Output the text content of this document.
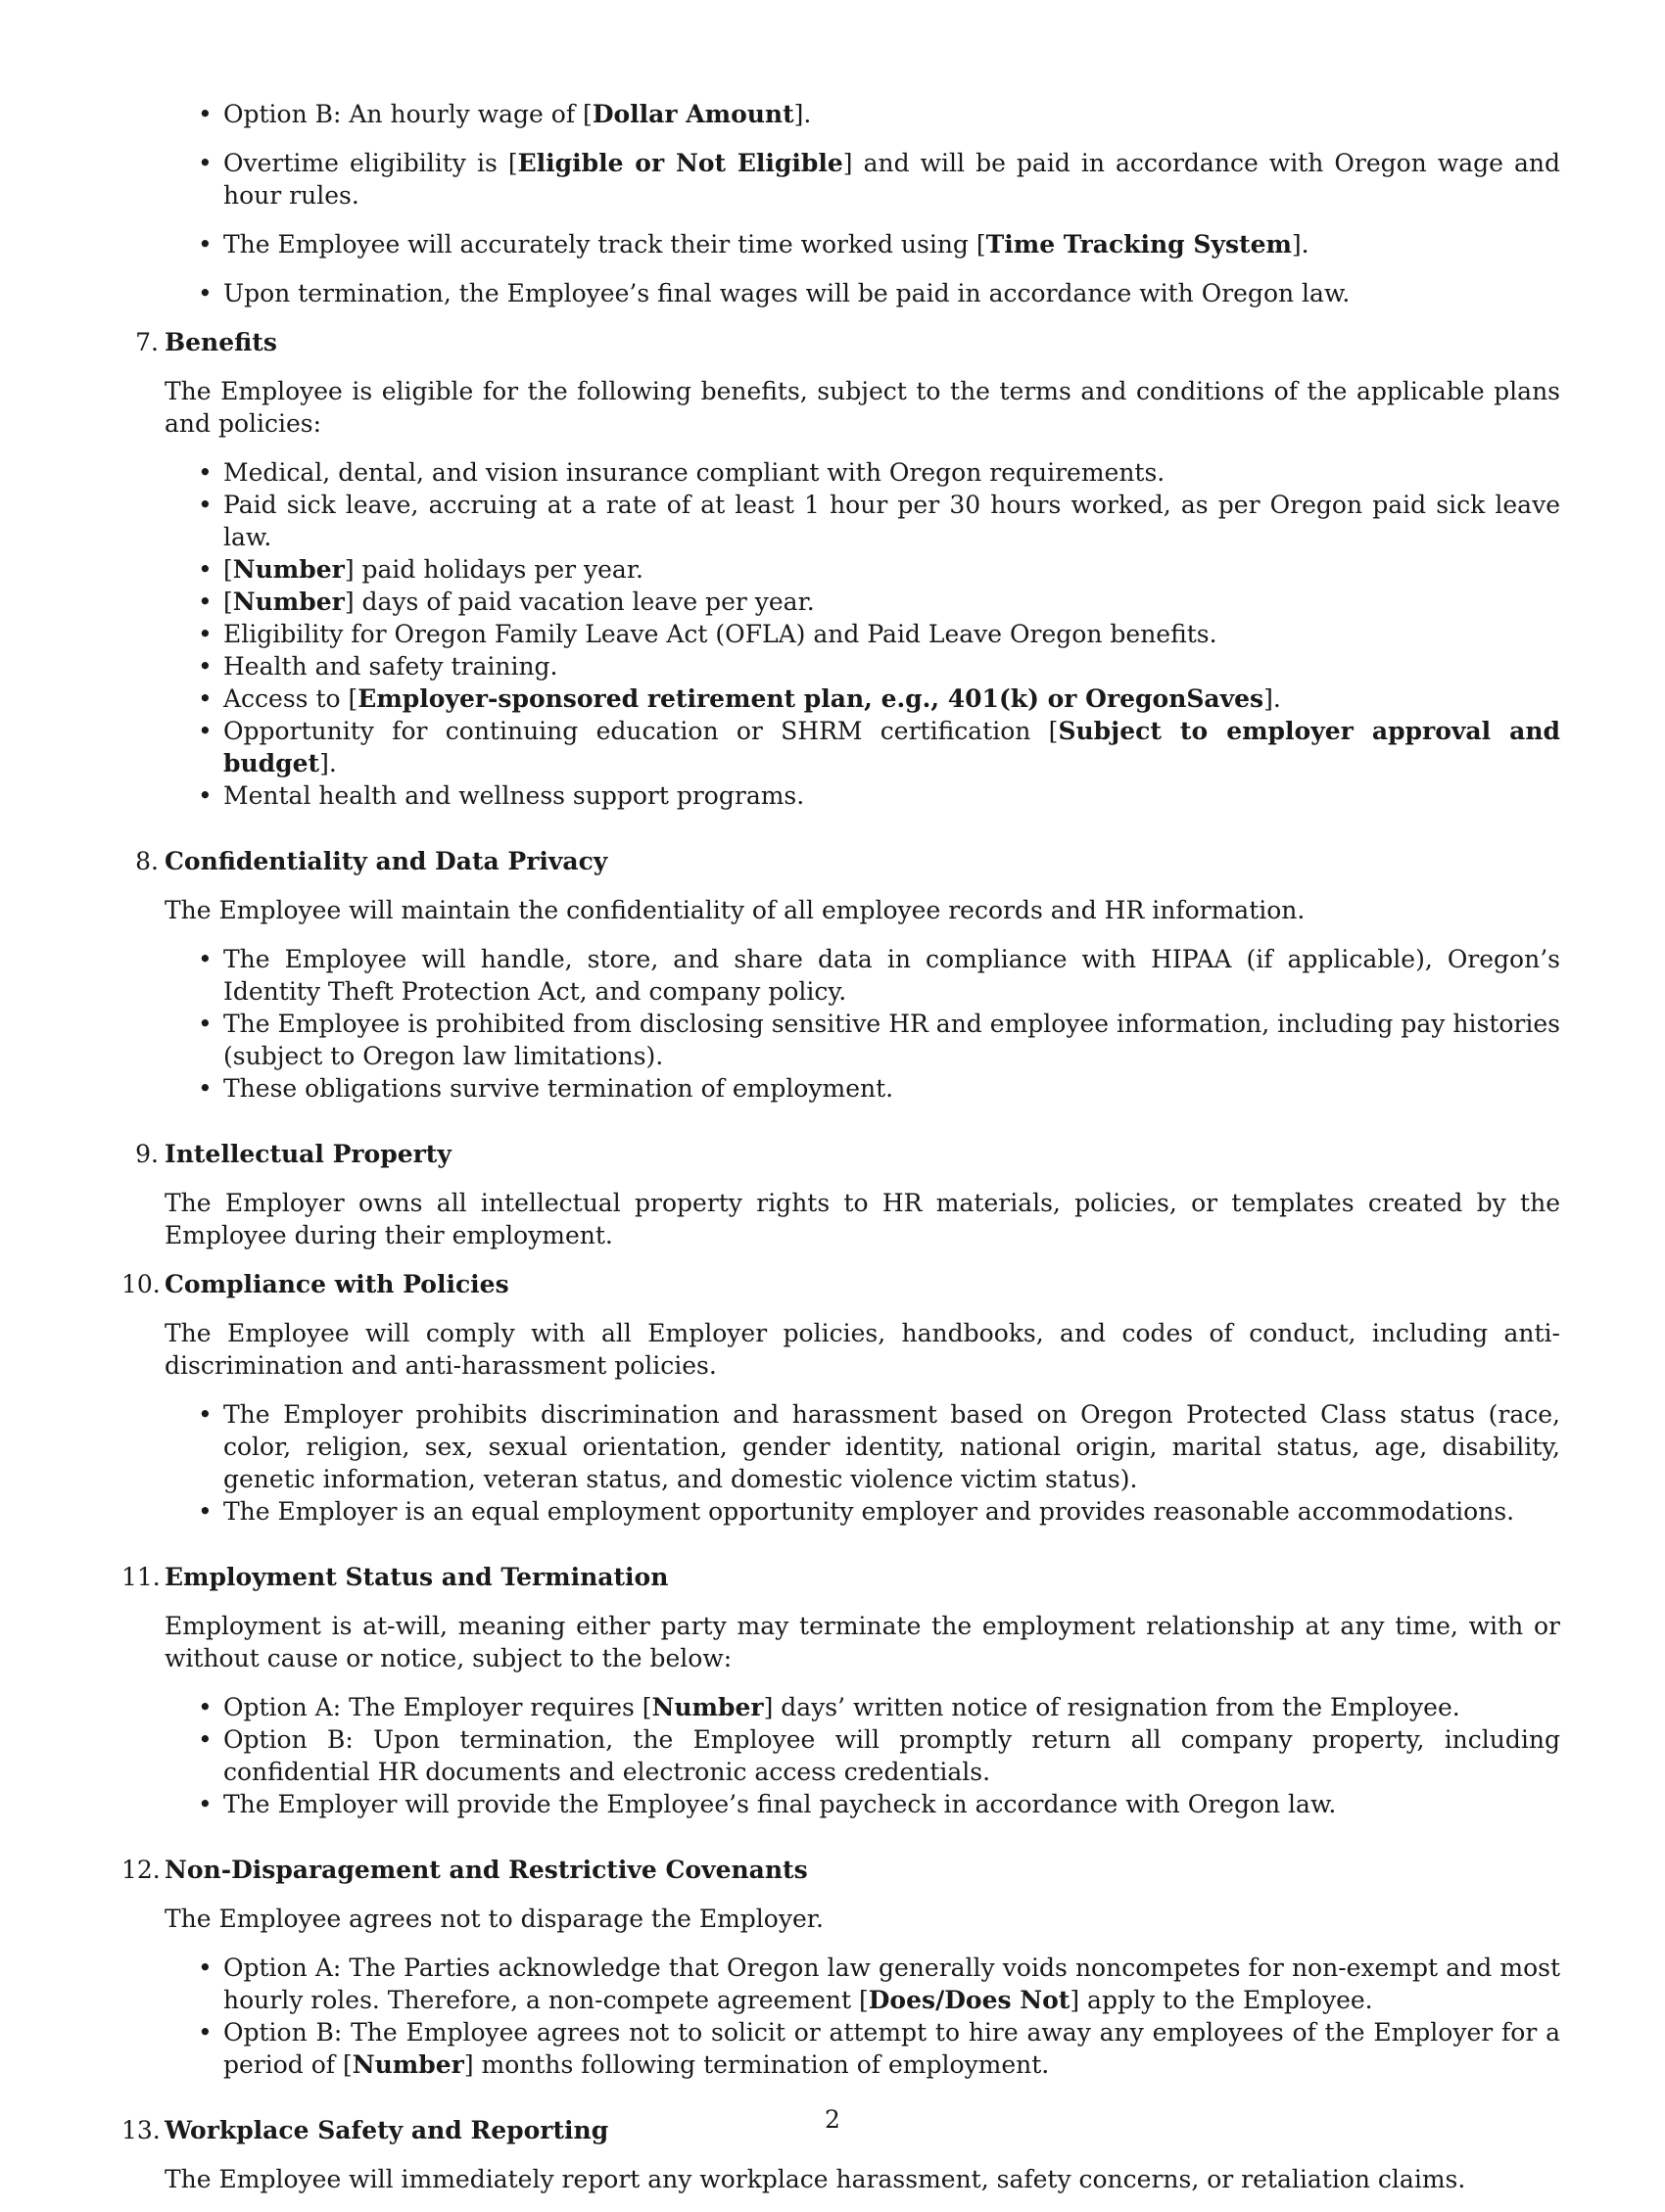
• Option B: An hourly wage of [Dollar Amount].
• Overtime eligibility is [Eligible or Not Eligible] and will be paid in accordance with Oregon wage and hour rules.
• The Employee will accurately track their time worked using [Time Tracking System].
• Upon termination, the Employee’s final wages will be paid in accordance with Oregon law.
7. Benefits
The Employee is eligible for the following benefits, subject to the terms and conditions of the applicable plans and policies:
• Medical, dental, and vision insurance compliant with Oregon requirements.
• Paid sick leave, accruing at a rate of at least 1 hour per 30 hours worked, as per Oregon paid sick leave law.
• [Number] paid holidays per year.
• [Number] days of paid vacation leave per year.
• Eligibility for Oregon Family Leave Act (OFLA) and Paid Leave Oregon benefits.
• Health and safety training.
• Access to [Employer-sponsored retirement plan, e.g., 401(k) or OregonSaves].
• Opportunity for continuing education or SHRM certification [Subject to employer approval and budget].
• Mental health and wellness support programs.
8. Confidentiality and Data Privacy
The Employee will maintain the confidentiality of all employee records and HR information.
• The Employee will handle, store, and share data in compliance with HIPAA (if applicable), Oregon’s Identity Theft Protection Act, and company policy.
• The Employee is prohibited from disclosing sensitive HR and employee information, including pay histories (subject to Oregon law limitations).
• These obligations survive termination of employment.
9. Intellectual Property
The Employer owns all intellectual property rights to HR materials, policies, or templates created by the Employee during their employment.
10. Compliance with Policies
The Employee will comply with all Employer policies, handbooks, and codes of conduct, including anti-discrimination and anti-harassment policies.
• The Employer prohibits discrimination and harassment based on Oregon Protected Class status (race, color, religion, sex, sexual orientation, gender identity, national origin, marital status, age, disability, genetic information, veteran status, and domestic violence victim status).
• The Employer is an equal employment opportunity employer and provides reasonable accommodations.
11. Employment Status and Termination
Employment is at-will, meaning either party may terminate the employment relationship at any time, with or without cause or notice, subject to the below:
• Option A: The Employer requires [Number] days’ written notice of resignation from the Employee.
• Option B: Upon termination, the Employee will promptly return all company property, including confidential HR documents and electronic access credentials.
• The Employer will provide the Employee’s final paycheck in accordance with Oregon law.
12. Non-Disparagement and Restrictive Covenants
The Employee agrees not to disparage the Employer.
• Option A: The Parties acknowledge that Oregon law generally voids noncompetes for non-exempt and most hourly roles. Therefore, a non-compete agreement [Does/Does Not] apply to the Employee.
• Option B: The Employee agrees not to solicit or attempt to hire away any employees of the Employer for a period of [Number] months following termination of employment.
13. Workplace Safety and Reporting
The Employee will immediately report any workplace harassment, safety concerns, or retaliation claims.
2
